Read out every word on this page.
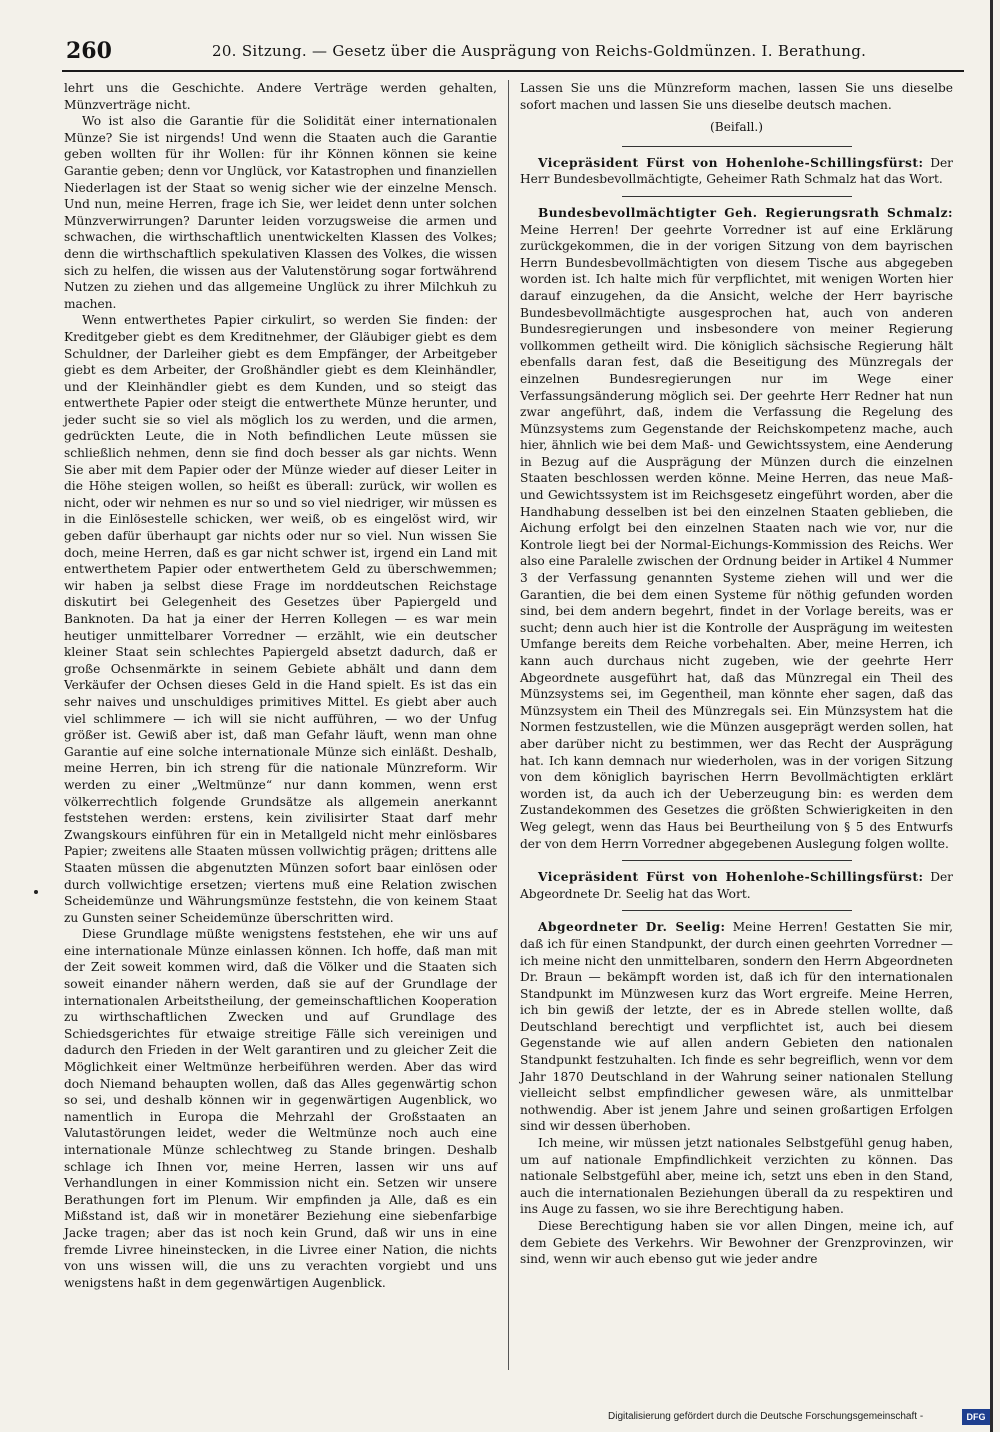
260	20. Sitzung. — Gesetz über die Ausprägung von Reichs-Goldmünzen. I. Berathung.

lehrt uns die Geschichte. Andere Verträge werden gehalten, Münzverträge nicht.

Wo ist also die Garantie für die Solidität einer internationalen Münze? Sie ist nirgends! Und wenn die Staaten auch die Garantie geben wollten für ihr Wollen: für ihr Können können sie keine Garantie geben; denn vor Unglück, vor Katastrophen und finanziellen Niederlagen ist der Staat so wenig sicher wie der einzelne Mensch. Und nun, meine Herren, frage ich Sie, wer leidet denn unter solchen Münzverwirrungen? Darunter leiden vorzugsweise die armen und schwachen, die wirthschaftlich unentwickelten Klassen des Volkes; denn die wirthschaftlich spekulativen Klassen des Volkes, die wissen sich zu helfen, die wissen aus der Valutenstörung sogar fortwährend Nutzen zu ziehen und das allgemeine Unglück zu ihrer Milchkuh zu machen.

Wenn entwerthetes Papier cirkulirt, so werden Sie finden: der Kreditgeber giebt es dem Kreditnehmer, der Gläubiger giebt es dem Schuldner, der Darleiher giebt es dem Empfänger, der Arbeitgeber giebt es dem Arbeiter, der Großhändler giebt es dem Kleinhändler, und der Kleinhändler giebt es dem Kunden, und so steigt das entwerthete Papier oder steigt die entwerthete Münze herunter, und jeder sucht sie so viel als möglich los zu werden, und die armen, gedrückten Leute, die in Noth befindlichen Leute müssen sie schließlich nehmen, denn sie find doch besser als gar nichts. Wenn Sie aber mit dem Papier oder der Münze wieder auf dieser Leiter in die Höhe steigen wollen, so heißt es überall: zurück, wir wollen es nicht, oder wir nehmen es nur so und so viel niedriger, wir müssen es in die Einlösestelle schicken, wer weiß, ob es eingelöst wird, wir geben dafür überhaupt gar nichts oder nur so viel. Nun wissen Sie doch, meine Herren, daß es gar nicht schwer ist, irgend ein Land mit entwerthetem Papier oder entwerthetem Geld zu überschwemmen; wir haben ja selbst diese Frage im norddeutschen Reichstage diskutirt bei Gelegenheit des Gesetzes über Papiergeld und Banknoten. Da hat ja einer der Herren Kollegen — es war mein heutiger unmittelbarer Vorredner — erzählt, wie ein deutscher kleiner Staat sein schlechtes Papiergeld absetzt dadurch, daß er große Ochsenmärkte in seinem Gebiete abhält und dann dem Verkäufer der Ochsen dieses Geld in die Hand spielt. Es ist das ein sehr naives und unschuldiges primitives Mittel. Es giebt aber auch viel schlimmere — ich will sie nicht aufführen, — wo der Unfug größer ist. Gewiß aber ist, daß man Gefahr läuft, wenn man ohne Garantie auf eine solche internationale Münze sich einläßt. Deshalb, meine Herren, bin ich streng für die nationale Münzreform. Wir werden zu einer „Weltmünze“ nur dann kommen, wenn erst völkerrechtlich folgende Grundsätze als allgemein anerkannt feststehen werden: erstens, kein zivilisirter Staat darf mehr Zwangskours einführen für ein in Metallgeld nicht mehr einlösbares Papier; zweitens alle Staaten müssen vollwichtig prägen; drittens alle Staaten müssen die abgenutzten Münzen sofort baar einlösen oder durch vollwichtige ersetzen; viertens muß eine Relation zwischen Scheidemünze und Währungsmünze feststehn, die von keinem Staat zu Gunsten seiner Scheidemünze überschritten wird.

Diese Grundlage müßte wenigstens feststehen, ehe wir uns auf eine internationale Münze einlassen können. Ich hoffe, daß man mit der Zeit soweit kommen wird, daß die Völker und die Staaten sich soweit einander nähern werden, daß sie auf der Grundlage der internationalen Arbeitstheilung, der gemeinschaftlichen Kooperation zu wirthschaftlichen Zwecken und auf Grundlage des Schiedsgerichtes für etwaige streitige Fälle sich vereinigen und dadurch den Frieden in der Welt garantiren und zu gleicher Zeit die Möglichkeit einer Weltmünze herbeiführen werden. Aber das wird doch Niemand behaupten wollen, daß das Alles gegenwärtig schon so sei, und deshalb können wir in gegenwärtigen Augenblick, wo namentlich in Europa die Mehrzahl der Großstaaten an Valutastörungen leidet, weder die Weltmünze noch auch eine internationale Münze schlechtweg zu Stande bringen. Deshalb schlage ich Ihnen vor, meine Herren, lassen wir uns auf Verhandlungen in einer Kommission nicht ein. Setzen wir unsere Berathungen fort im Plenum. Wir empfinden ja Alle, daß es ein Mißstand ist, daß wir in monetärer Beziehung eine siebenfarbige Jacke tragen; aber das ist noch kein Grund, daß wir uns in eine fremde Livree hineinstecken, in die Livree einer Nation, die nichts von uns wissen will, die uns zu verachten vorgiebt und uns wenigstens haßt in dem gegenwärtigen Augenblick.

Lassen Sie uns die Münzreform machen, lassen Sie uns dieselbe sofort machen und lassen Sie uns dieselbe deutsch machen.

(Beifall.)

Vicepräsident Fürst von Hohenlohe-Schillingsfürst: Der Herr Bundesbevollmächtigte, Geheimer Rath Schmalz hat das Wort.

Bundesbevollmächtigter Geh. Regierungsrath Schmalz: Meine Herren! Der geehrte Vorredner ist auf eine Erklärung zurückgekommen, die in der vorigen Sitzung von dem bayrischen Herrn Bundesbevollmächtigten von diesem Tische aus abgegeben worden ist. Ich halte mich für verpflichtet, mit wenigen Worten hier darauf einzugehen, da die Ansicht, welche der Herr bayrische Bundesbevollmächtigte ausgesprochen hat, auch von anderen Bundesregierungen und insbesondere von meiner Regierung vollkommen getheilt wird. Die königlich sächsische Regierung hält ebenfalls daran fest, daß die Beseitigung des Münzregals der einzelnen Bundesregierungen nur im Wege einer Verfassungsänderung möglich sei. Der geehrte Herr Redner hat nun zwar angeführt, daß, indem die Verfassung die Regelung des Münzsystems zum Gegenstande der Reichskompetenz mache, auch hier, ähnlich wie bei dem Maß- und Gewichtssystem, eine Aenderung in Bezug auf die Ausprägung der Münzen durch die einzelnen Staaten beschlossen werden könne. Meine Herren, das neue Maß- und Gewichtssystem ist im Reichsgesetz eingeführt worden, aber die Handhabung desselben ist bei den einzelnen Staaten geblieben, die Aichung erfolgt bei den einzelnen Staaten nach wie vor, nur die Kontrole liegt bei der Normal-Eichungs-Kommission des Reichs. Wer also eine Paralelle zwischen der Ordnung beider in Artikel 4 Nummer 3 der Verfassung genannten Systeme ziehen will und wer die Garantien, die bei dem einen Systeme für nöthig gefunden worden sind, bei dem andern begehrt, findet in der Vorlage bereits, was er sucht; denn auch hier ist die Kontrolle der Ausprägung im weitesten Umfange bereits dem Reiche vorbehalten. Aber, meine Herren, ich kann auch durchaus nicht zugeben, wie der geehrte Herr Abgeordnete ausgeführt hat, daß das Münzregal ein Theil des Münzsystems sei, im Gegentheil, man könnte eher sagen, daß das Münzsystem ein Theil des Münzregals sei. Ein Münzsystem hat die Normen festzustellen, wie die Münzen ausgeprägt werden sollen, hat aber darüber nicht zu bestimmen, wer das Recht der Ausprägung hat. Ich kann demnach nur wiederholen, was in der vorigen Sitzung von dem königlich bayrischen Herrn Bevollmächtigten erklärt worden ist, da auch ich der Ueberzeugung bin: es werden dem Zustandekommen des Gesetzes die größten Schwierigkeiten in den Weg gelegt, wenn das Haus bei Beurtheilung von § 5 des Entwurfs der von dem Herrn Vorredner abgegebenen Auslegung folgen wollte.

Vicepräsident Fürst von Hohenlohe-Schillingsfürst: Der Abgeordnete Dr. Seelig hat das Wort.

Abgeordneter Dr. Seelig: Meine Herren! Gestatten Sie mir, daß ich für einen Standpunkt, der durch einen geehrten Vorredner — ich meine nicht den unmittelbaren, sondern den Herrn Abgeordneten Dr. Braun — bekämpft worden ist, daß ich für den internationalen Standpunkt im Münzwesen kurz das Wort ergreife. Meine Herren, ich bin gewiß der letzte, der es in Abrede stellen wollte, daß Deutschland berechtigt und verpflichtet ist, auch bei diesem Gegenstande wie auf allen andern Gebieten den nationalen Standpunkt festzuhalten. Ich finde es sehr begreiflich, wenn vor dem Jahr 1870 Deutschland in der Wahrung seiner nationalen Stellung vielleicht selbst empfindlicher gewesen wäre, als unmittelbar nothwendig. Aber ist jenem Jahre und seinen großartigen Erfolgen sind wir dessen überhoben.

Ich meine, wir müssen jetzt nationales Selbstgefühl genug haben, um auf nationale Empfindlichkeit verzichten zu können. Das nationale Selbstgefühl aber, meine ich, setzt uns eben in den Stand, auch die internationalen Beziehungen überall da zu respektiren und ins Auge zu fassen, wo sie ihre Berechtigung haben.

Diese Berechtigung haben sie vor allen Dingen, meine ich, auf dem Gebiete des Verkehrs. Wir Bewohner der Grenzprovinzen, wir sind, wenn wir auch ebenso gut wie jeder andre

Digitalisierung gefördert durch die Deutsche Forschungsgemeinschaft -	DFG
